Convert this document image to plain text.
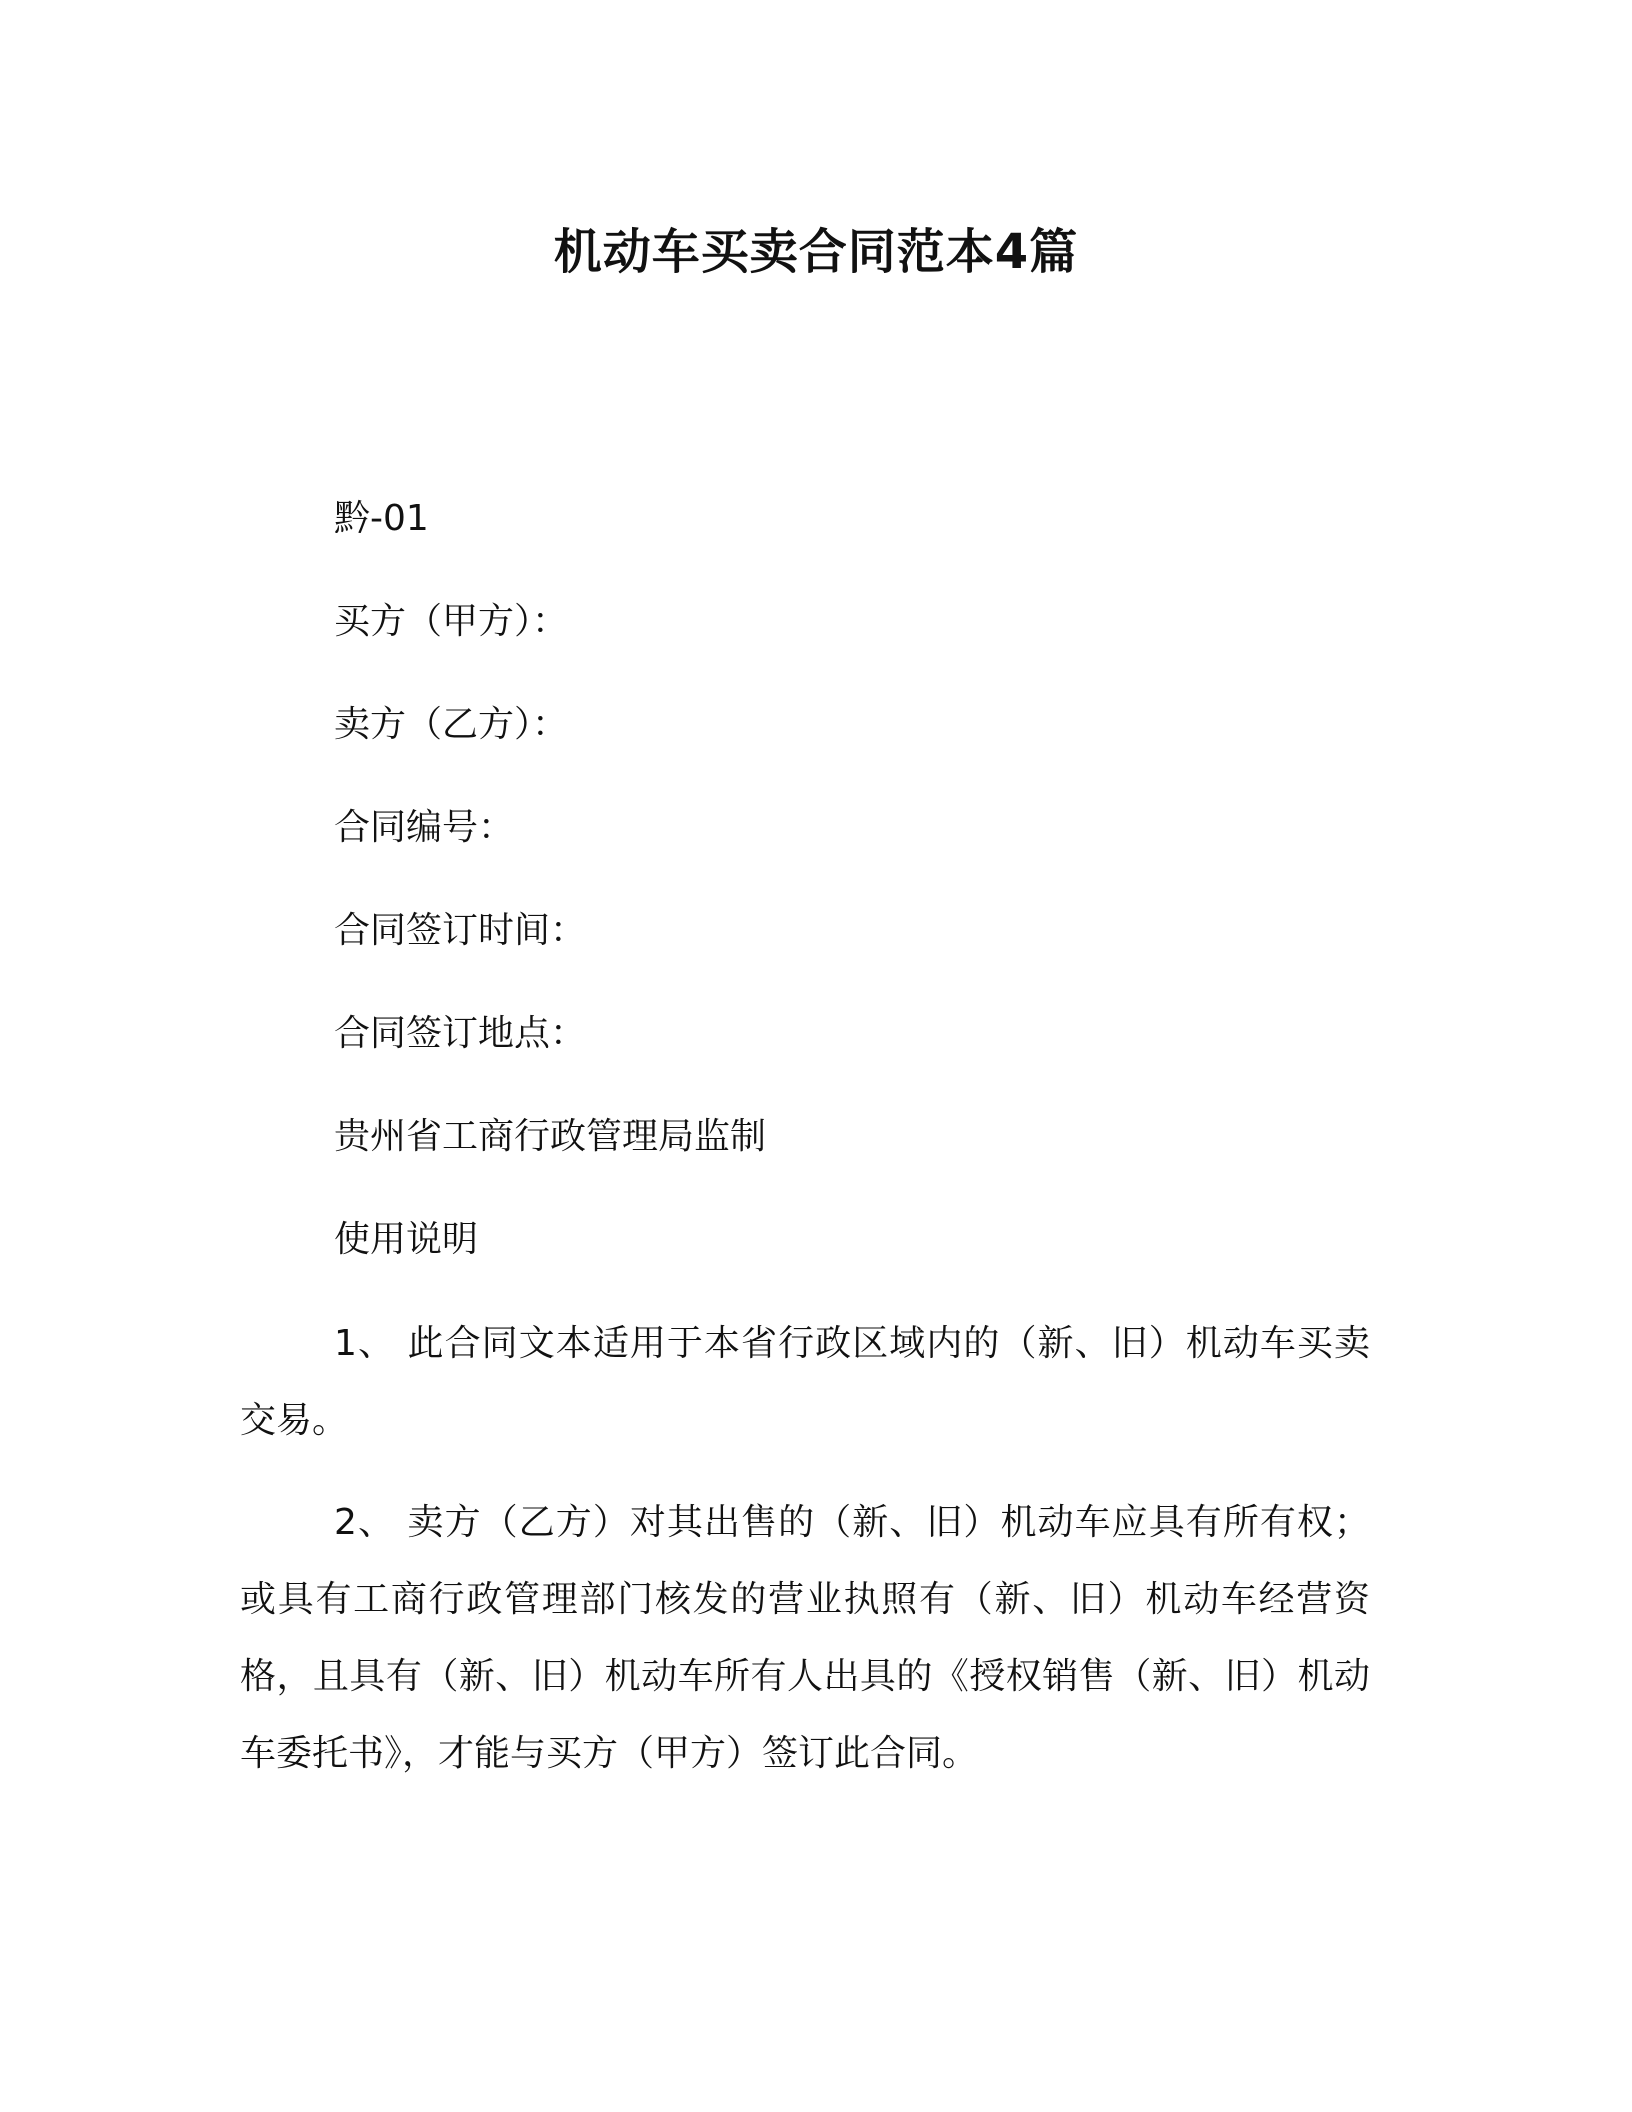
机动车买卖合同范本4篇
黔-01
买方（甲方）：
卖方（乙方）：
合同编号：
合同签订时间：
合同签订地点：
贵州省工商行政管理局监制
使用说明
1、 此合同文本适用于本省行政区域内的（新、旧）机动车买卖交易。
2、 卖方（乙方）对其出售的（新、旧）机动车应具有所有权；或具有工商行政管理部门核发的营业执照有（新、旧）机动车经营资格，且具有（新、旧）机动车所有人出具的《授权销售（新、旧）机动车委托书》，才能与买方（甲方）签订此合同。
